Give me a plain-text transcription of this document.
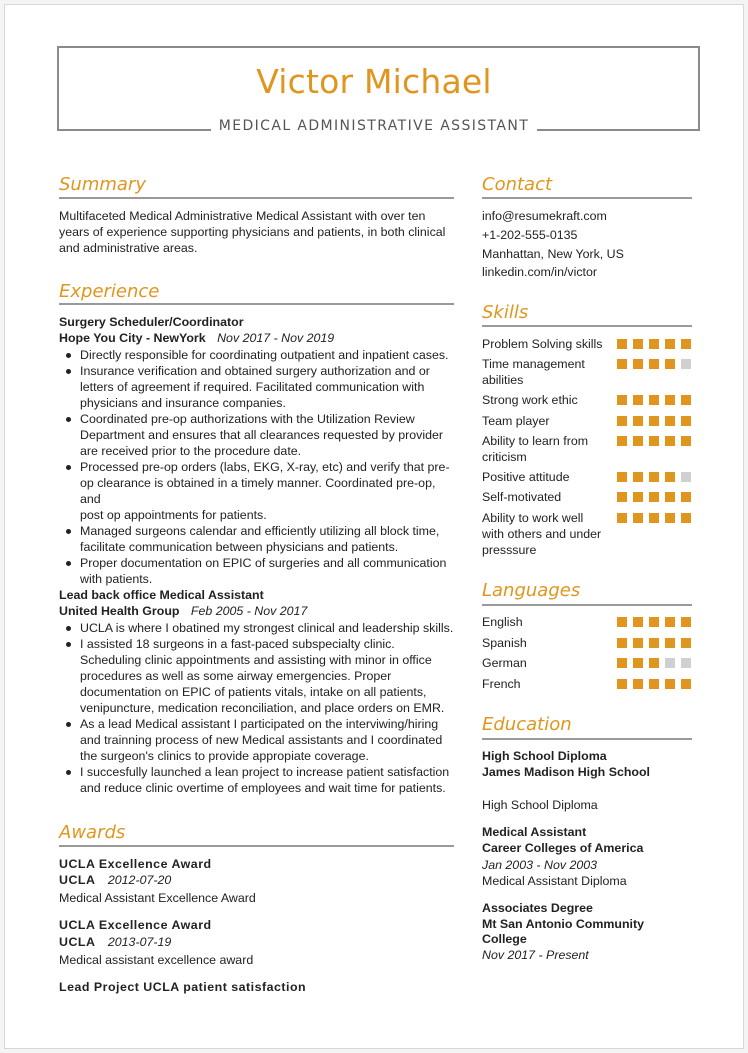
Victor Michael
MEDICAL ADMINISTRATIVE ASSISTANT
Summary
Multifaceted Medical Administrative Medical Assistant with over ten
years of experience supporting physicians and patients, in both clinical
and administrative areas.
Experience
Surgery Scheduler/Coordinator
Hope You City - NewYork Nov 2017 - Nov 2019
Directly responsible for coordinating outpatient and inpatient cases.
Insurance verification and obtained surgery authorization and or
letters of agreement if required. Facilitated communication with
physicians and insurance companies.
Coordinated pre-op authorizations with the Utilization Review
Department and ensures that all clearances requested by provider
are received prior to the procedure date.
Processed pre-op orders (labs, EKG, X-ray, etc) and verify that pre-
op clearance is obtained in a timely manner. Coordinated pre-op, and
post op appointments for patients.
Managed surgeons calendar and efficiently utilizing all block time,
facilitate communication between physicians and patients.
Proper documentation on EPIC of surgeries and all communication
with patients.
Lead back office Medical Assistant
United Health Group Feb 2005 - Nov 2017
UCLA is where I obatined my strongest clinical and leadership skills.
I assisted 18 surgeons in a fast-paced subspecialty clinic.
Scheduling clinic appointments and assisting with minor in office
procedures as well as some airway emergencies. Proper
documentation on EPIC of patients vitals, intake on all patients,
venipuncture, medication reconciliation, and place orders on EMR.
As a lead Medical assistant I participated on the interviwing/hiring
and trainning process of new Medical assistants and I coordinated
the surgeon's clinics to provide appropiate coverage.
I succesfully launched a lean project to increase patient satisfaction
and reduce clinic overtime of employees and wait time for patients.
Awards
UCLA Excellence Award
UCLA 2012-07-20
Medical Assistant Excellence Award
UCLA Excellence Award
UCLA 2013-07-19
Medical assistant excellence award
Lead Project UCLA patient satisfaction
Contact
info@resumekraft.com
+1-202-555-0135
Manhattan, New York, US
linkedin.com/in/victor
Skills
Problem Solving skills
Time management
abilities
Strong work ethic
Team player
Ability to learn from
criticism
Positive attitude
Self-motivated
Ability to work well
with others and under
presssure
Languages
English
Spanish
German
French
Education
High School Diploma
James Madison High School
High School Diploma
Medical Assistant
Career Colleges of America
Jan 2003 - Nov 2003
Medical Assistant Diploma
Associates Degree
Mt San Antonio Community
College
Nov 2017 - Present
